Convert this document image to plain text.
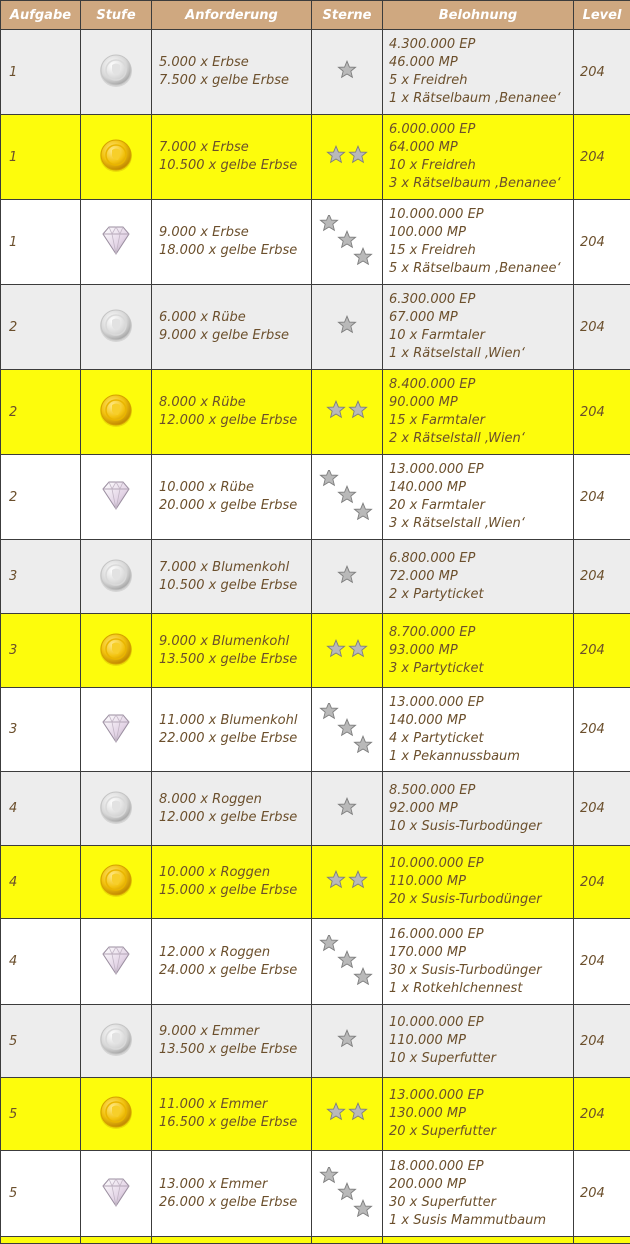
Aufgabe	Stufe	Anforderung	Sterne	Belohnung	Level
1		5.000 x Erbse
7.500 x gelbe Erbse		4.300.000 EP
46.000 MP
5 x Freidreh
1 x Rätselbaum ‚Benanee‘	204
1		7.000 x Erbse
10.500 x gelbe Erbse		6.000.000 EP
64.000 MP
10 x Freidreh
3 x Rätselbaum ‚Benanee‘	204
1		9.000 x Erbse
18.000 x gelbe Erbse		10.000.000 EP
100.000 MP
15 x Freidreh
5 x Rätselbaum ‚Benanee‘	204
2		6.000 x Rübe
9.000 x gelbe Erbse		6.300.000 EP
67.000 MP
10 x Farmtaler
1 x Rätselstall ‚Wien‘	204
2		8.000 x Rübe
12.000 x gelbe Erbse		8.400.000 EP
90.000 MP
15 x Farmtaler
2 x Rätselstall ‚Wien‘	204
2		10.000 x Rübe
20.000 x gelbe Erbse		13.000.000 EP
140.000 MP
20 x Farmtaler
3 x Rätselstall ‚Wien‘	204
3		7.000 x Blumenkohl
10.500 x gelbe Erbse		6.800.000 EP
72.000 MP
2 x Partyticket	204
3		9.000 x Blumenkohl
13.500 x gelbe Erbse		8.700.000 EP
93.000 MP
3 x Partyticket	204
3		11.000 x Blumenkohl
22.000 x gelbe Erbse		13.000.000 EP
140.000 MP
4 x Partyticket
1 x Pekannussbaum	204
4		8.000 x Roggen
12.000 x gelbe Erbse		8.500.000 EP
92.000 MP
10 x Susis-Turbodünger	204
4		10.000 x Roggen
15.000 x gelbe Erbse		10.000.000 EP
110.000 MP
20 x Susis-Turbodünger	204
4		12.000 x Roggen
24.000 x gelbe Erbse		16.000.000 EP
170.000 MP
30 x Susis-Turbodünger
1 x Rotkehlchennest	204
5		9.000 x Emmer
13.500 x gelbe Erbse		10.000.000 EP
110.000 MP
10 x Superfutter	204
5		11.000 x Emmer
16.500 x gelbe Erbse		13.000.000 EP
130.000 MP
20 x Superfutter	204
5		13.000 x Emmer
26.000 x gelbe Erbse		18.000.000 EP
200.000 MP
30 x Superfutter
1 x Susis Mammutbaum	204
